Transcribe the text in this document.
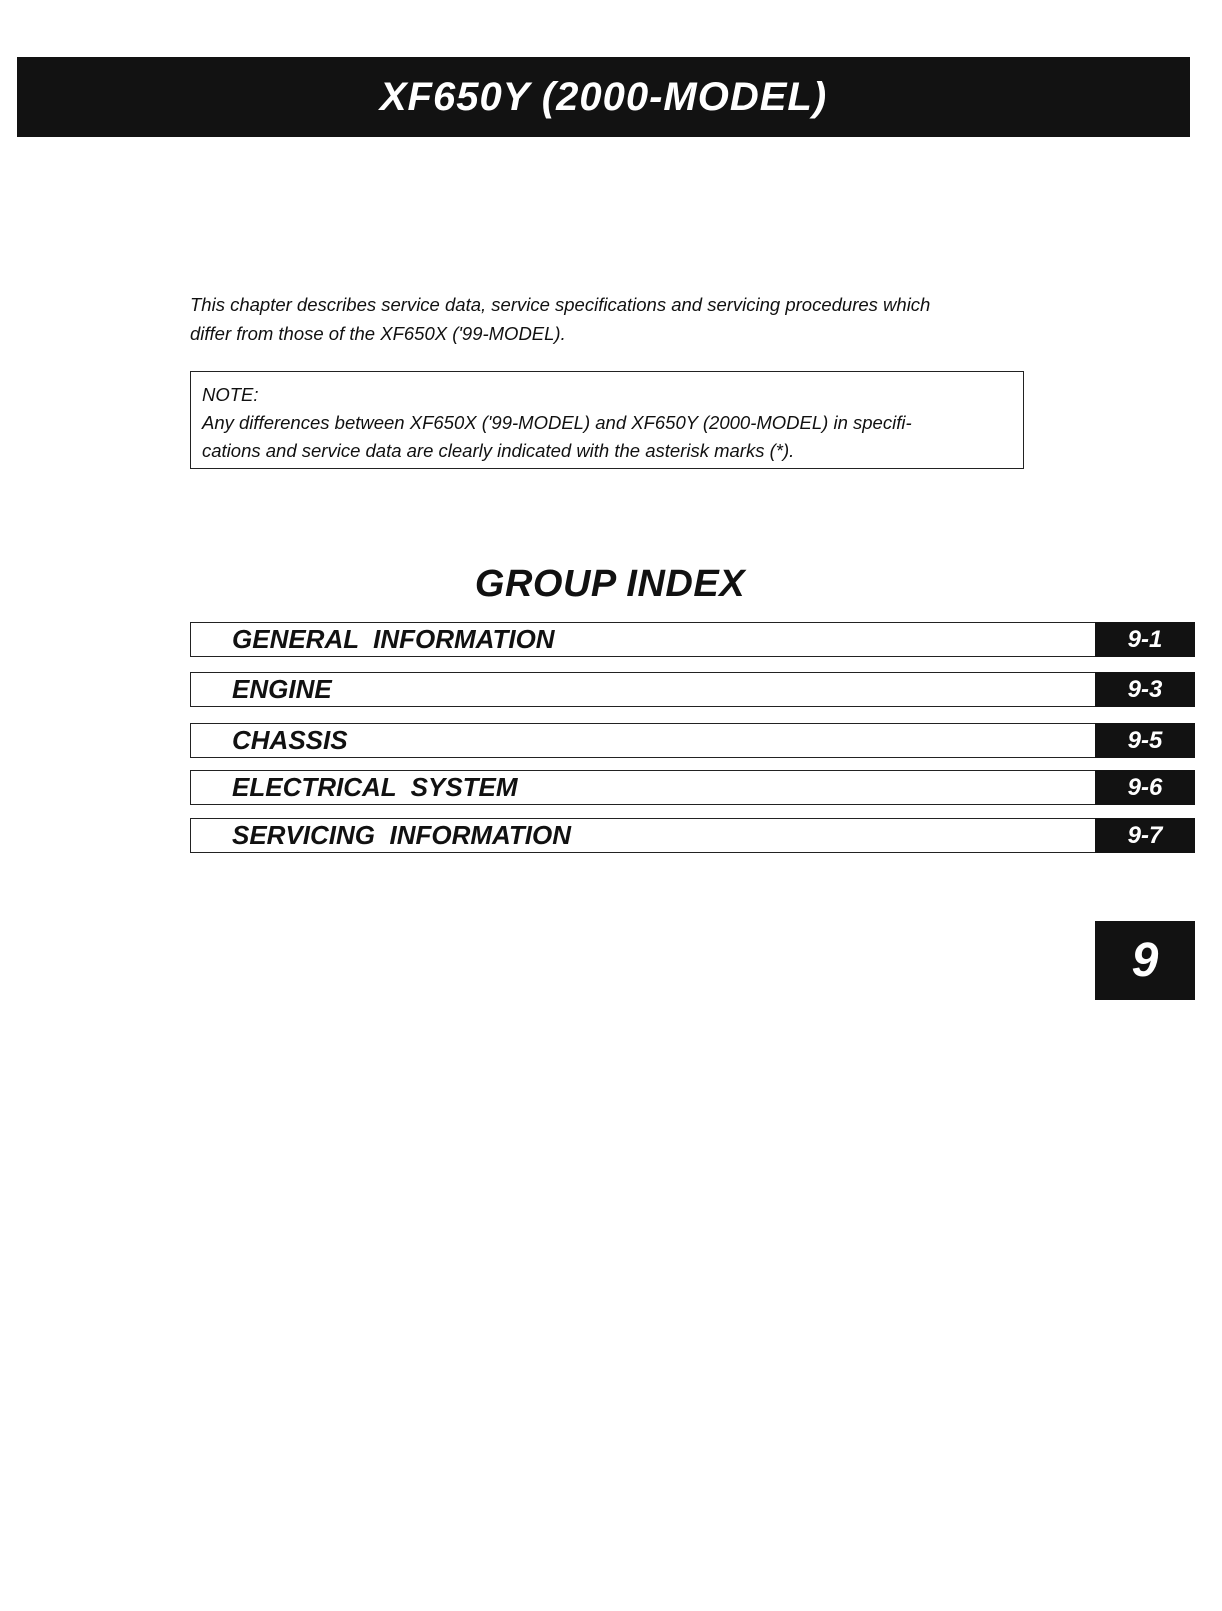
XF650Y (2000-MODEL)

This chapter describes service data, service specifications and servicing procedures which

differ from those of the XF650X ('99-MODEL).

NOTE:

Any differences between XF650X ('99-MODEL) and XF650Y (2000-MODEL) in specifi-

cations and service data are clearly indicated with the asterisk marks (*).

GROUP INDEX
GENERAL  INFORMATION	9-1
ENGINE	9-3
CHASSIS	9-5
ELECTRICAL  SYSTEM	9-6
SERVICING  INFORMATION	9-7
9
